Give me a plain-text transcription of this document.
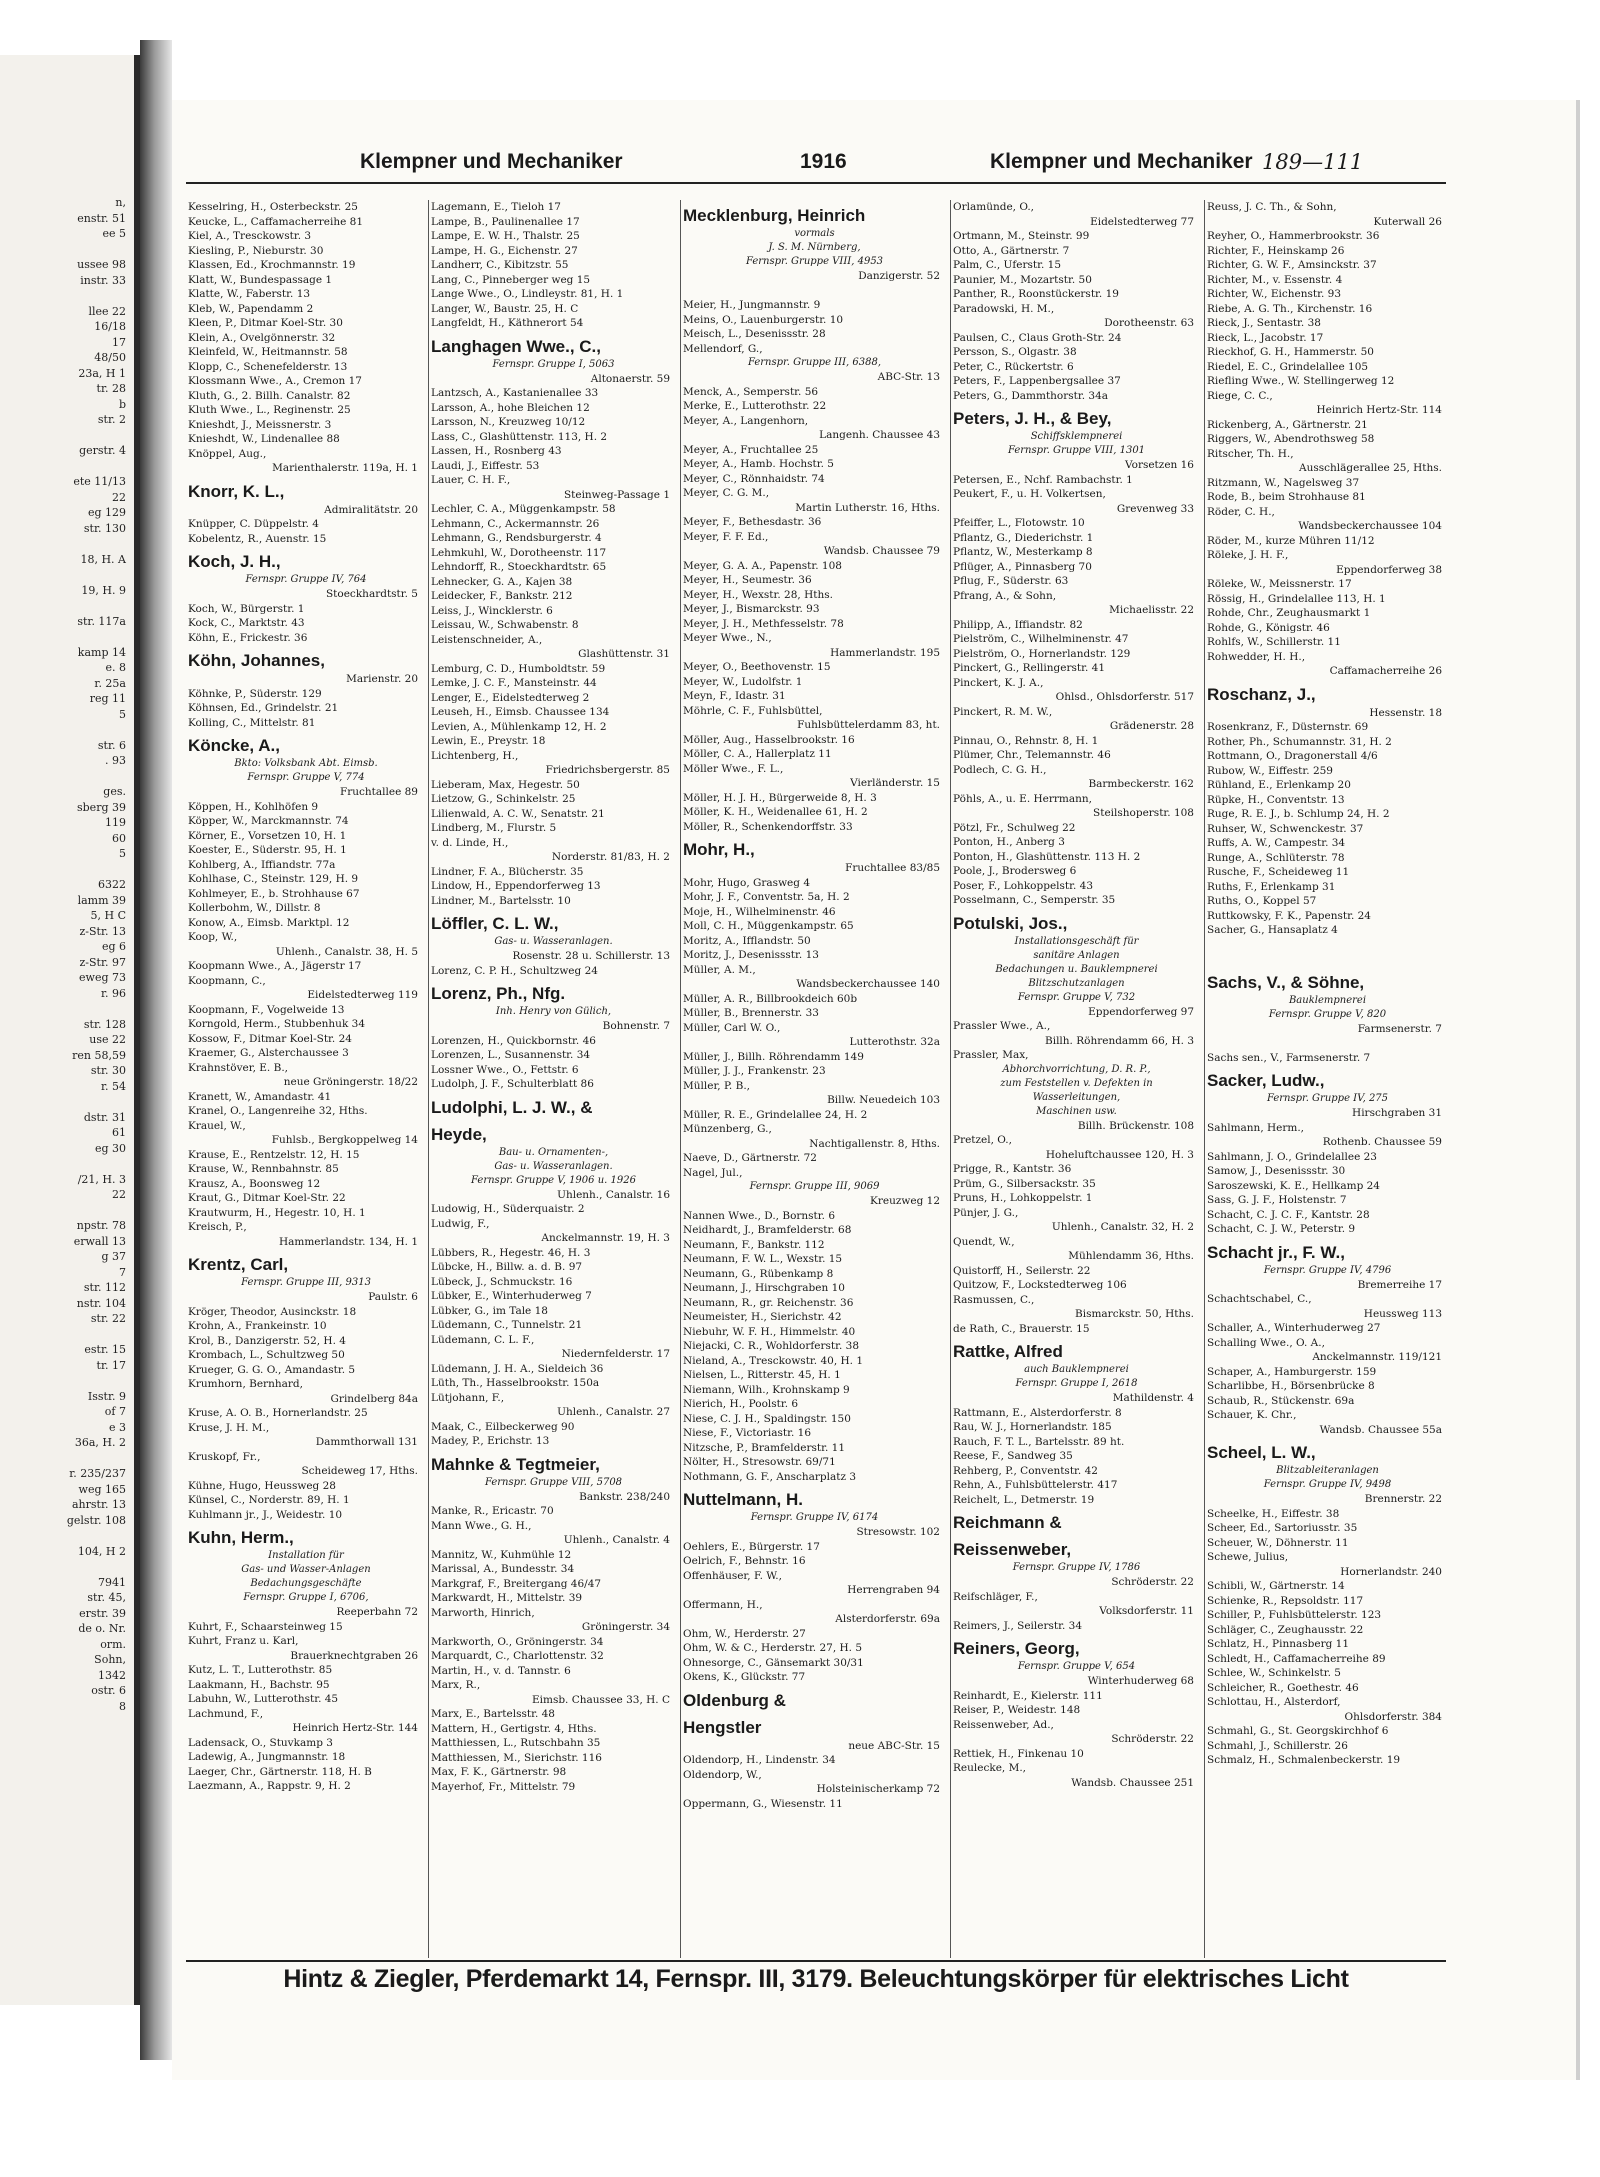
n,
enstr. 51
ee 5

ussee 98
instr. 33

llee 22
16/18
17
48/50
23a, H 1
tr. 28
b
str. 2

gerstr. 4

ete 11/13
22
eg 129
str. 130

18, H. A

19, H. 9

str. 117a

kamp 14
e. 8
r. 25a
reg 11
5

str. 6
. 93

ges.
sberg 39
119
60
5

6322
lamm 39
5, H C
z-Str. 13
eg 6
z-Str. 97
eweg 73
r. 96

str. 128
use 22
ren 58,59
str. 30
r. 54

dstr. 31
61
eg 30

/21, H. 3
22

npstr. 78
erwall 13
g 37
7
str. 112
nstr. 104
str. 22

estr. 15
tr. 17

Isstr. 9
of 7
e 3
36a, H. 2

r. 235/237
weg 165
ahrstr. 13
gelstr. 108

104, H 2

7941
str. 45,
erstr. 39
de o. Nr.
orm.
Sohn,
1342
ostr. 6
8
Klempner und Mechaniker	1916	Klempner und Mechaniker 189—111
Kesselring, H., Osterbeckstr. 25
Keucke, L., Caffamacherreihe 81
Kiel, A., Tresckowstr. 3
Kiesling, P., Nieburstr. 30
Klassen, Ed., Krochmannstr. 19
Klatt, W., Bundespassage 1
Klatte, W., Faberstr. 13
Kleb, W., Papendamm 2
Kleen, P., Ditmar Koel-Str. 30
Klein, A., Ovelgönnerstr. 32
Kleinfeld, W., Heitmannstr. 58
Klopp, C., Schenefelderstr. 13
Klossmann Wwe., A., Cremon 17
Kluth, G., 2. Billh. Canalstr. 82
Kluth Wwe., L., Reginenstr. 25
Knieshdt, J., Meissnerstr. 3
Knieshdt, W., Lindenallee 88
Knöppel, Aug.,
Marienthalerstr. 119a, H. 1
Knorr, K. L.,
Admiralitätstr. 20
Knüpper, C. Düppelstr. 4
Kobelentz, R., Auenstr. 15
Koch, J. H.,
Fernspr. Gruppe IV, 764
Stoeckhardtstr. 5
Koch, W., Bürgerstr. 1
Kock, C., Marktstr. 43
Köhn, E., Frickestr. 36
Köhn, Johannes,
Marienstr. 20
Köhnke, P., Süderstr. 129
Köhnsen, Ed., Grindelstr. 21
Kolling, C., Mittelstr. 81
Köncke, A.,
Bkto: Volksbank Abt. Eimsb.
Fernspr. Gruppe V, 774
Fruchtallee 89
Köppen, H., Kohlhöfen 9
Köpper, W., Marckmannstr. 74
Körner, E., Vorsetzen 10, H. 1
Koester, E., Süderstr. 95, H. 1
Kohlberg, A., Iffiandstr. 77a
Kohlhase, C., Steinstr. 129, H. 9
Kohlmeyer, E., b. Strohhause 67
Kollerbohm, W., Dillstr. 8
Konow, A., Eimsb. Marktpl. 12
Koop, W.,
Uhlenh., Canalstr. 38, H. 5
Koopmann Wwe., A., Jägerstr 17
Koopmann, C.,
Eidelstedterweg 119
Koopmann, F., Vogelweide 13
Korngold, Herm., Stubbenhuk 34
Kossow, F., Ditmar Koel-Str. 24
Kraemer, G., Alsterchaussee 3
Krahnstöver, E. B.,
neue Gröningerstr. 18/22
Kranett, W., Amandastr. 41
Kranel, O., Langenreihe 32, Hths.
Krauel, W.,
Fuhlsb., Bergkoppelweg 14
Krause, E., Rentzelstr. 12, H. 15
Krause, W., Rennbahnstr. 85
Krausz, A., Boonsweg 12
Kraut, G., Ditmar Koel-Str. 22
Krautwurm, H., Hegestr. 10, H. 1
Kreisch, P.,
Hammerlandstr. 134, H. 1
Krentz, Carl,
Fernspr. Gruppe III, 9313
Paulstr. 6
Kröger, Theodor, Ausinckstr. 18
Krohn, A., Frankeinstr. 10
Krol, B., Danzigerstr. 52, H. 4
Krombach, L., Schultzweg 50
Krueger, G. G. O., Amandastr. 5
Krumhorn, Bernhard,
Grindelberg 84a
Kruse, A. O. B., Hornerlandstr. 25
Kruse, J. H. M.,
Dammthorwall 131
Kruskopf, Fr.,
Scheideweg 17, Hths.
Kühne, Hugo, Heussweg 28
Künsel, C., Norderstr. 89, H. 1
Kuhlmann jr., J., Weidestr. 10
Kuhn, Herm.,
Installation für
Gas- und Wasser-Anlagen
Bedachungsgeschäfte
Fernspr. Gruppe I, 6706,
Reeperbahn 72
Kuhrt, F., Schaarsteinweg 15
Kuhrt, Franz u. Karl,
Brauerknechtgraben 26
Kutz, L. T., Lutterothstr. 85
Laakmann, H., Bachstr. 95
Labuhn, W., Lutterothstr. 45
Lachmund, F.,
Heinrich Hertz-Str. 144
Ladensack, O., Stuvkamp 3
Ladewig, A., Jungmannstr. 18
Laeger, Chr., Gärtnerstr. 118, H. B
Laezmann, A., Rappstr. 9, H. 2
Lagemann, E., Tieloh 17
Lampe, B., Paulinenallee 17
Lampe, E. W. H., Thalstr. 25
Lampe, H. G., Eichenstr. 27
Landherr, C., Kibitzstr. 55
Lang, C., Pinneberger weg 15
Lange Wwe., O., Lindleystr. 81, H. 1
Langer, W., Baustr. 25, H. C
Langfeldt, H., Käthnerort 54
Langhagen Wwe., C.,
Fernspr. Gruppe I, 5063
Altonaerstr. 59
Lantzsch, A., Kastanienallee 33
Larsson, A., hohe Bleichen 12
Larsson, N., Kreuzweg 10/12
Lass, C., Glashüttenstr. 113, H. 2
Lassen, H., Rosnberg 43
Laudi, J., Eiffestr. 53
Lauer, C. H. F.,
Steinweg-Passage 1
Lechler, C. A., Müggenkampstr. 58
Lehmann, C., Ackermannstr. 26
Lehmann, G., Rendsburgerstr. 4
Lehmkuhl, W., Dorotheenstr. 117
Lehndorff, R., Stoeckhardtstr. 65
Lehnecker, G. A., Kajen 38
Leidecker, F., Bankstr. 212
Leiss, J., Wincklerstr. 6
Leissau, W., Schwabenstr. 8
Leistenschneider, A.,
Glashüttenstr. 31
Lemburg, C. D., Humboldtstr. 59
Lemke, J. C. F., Mansteinstr. 44
Lenger, E., Eidelstedterweg 2
Leuseh, H., Eimsb. Chaussee 134
Levien, A., Mühlenkamp 12, H. 2
Lewin, E., Preystr. 18
Lichtenberg, H.,
Friedrichsbergerstr. 85
Lieberam, Max, Hegestr. 50
Lietzow, G., Schinkelstr. 25
Lilienwald, A. C. W., Senatstr. 21
Lindberg, M., Flurstr. 5
v. d. Linde, H.,
Norderstr. 81/83, H. 2
Lindner, F. A., Blücherstr. 35
Lindow, H., Eppendorferweg 13
Lindner, M., Bartelsstr. 10
Löffler, C. L. W.,
Gas- u. Wasseranlagen.
Rosenstr. 28 u. Schillerstr. 13
Lorenz, C. P. H., Schultzweg 24
Lorenz, Ph., Nfg.
Inh. Henry von Gülich,
Bohnenstr. 7
Lorenzen, H., Quickbornstr. 46
Lorenzen, L., Susannenstr. 34
Lossner Wwe., O., Fettstr. 6
Ludolph, J. F., Schulterblatt 86
Ludolphi, L. J. W., &
Heyde,
Bau- u. Ornamenten-,
Gas- u. Wasseranlagen.
Fernspr. Gruppe V, 1906 u. 1926
Uhlenh., Canalstr. 16
Ludowig, H., Süderquaistr. 2
Ludwig, F.,
Anckelmannstr. 19, H. 3
Lübbers, R., Hegestr. 46, H. 3
Lübcke, H., Billw. a. d. B. 97
Lübeck, J., Schmuckstr. 16
Lübker, E., Winterhuderweg 7
Lübker, G., im Tale 18
Lüdemann, C., Tunnelstr. 21
Lüdemann, C. L. F.,
Niedernfelderstr. 17
Lüdemann, J. H. A., Sieldeich 36
Lüth, Th., Hasselbrookstr. 150a
Lütjohann, F.,
Uhlenh., Canalstr. 27
Maak, C., Eilbeckerweg 90
Madey, P., Erichstr. 13
Mahnke & Tegtmeier,
Fernspr. Gruppe VIII, 5708
Bankstr. 238/240
Manke, R., Ericastr. 70
Mann Wwe., G. H.,
Uhlenh., Canalstr. 4
Mannitz, W., Kuhmühle 12
Marissal, A., Bundesstr. 34
Markgraf, F., Breitergang 46/47
Markwardt, H., Mittelstr. 39
Marworth, Hinrich,
Gröningerstr. 34
Markworth, O., Gröningerstr. 34
Marquardt, C., Charlottenstr. 32
Martin, H., v. d. Tannstr. 6
Marx, R.,
Eimsb. Chaussee 33, H. C
Marx, E., Bartelsstr. 48
Mattern, H., Gertigstr. 4, Hths.
Matthiessen, L., Rutschbahn 35
Matthiessen, M., Sierichstr. 116
Max, F. K., Gärtnerstr. 98
Mayerhof, Fr., Mittelstr. 79
Mecklenburg, Heinrich
vormals
J. S. M. Nürnberg,
Fernspr. Gruppe VIII, 4953
Danzigerstr. 52

Meier, H., Jungmannstr. 9
Meins, O., Lauenburgerstr. 10
Meisch, L., Desenissstr. 28
Mellendorf, G.,
Fernspr. Gruppe III, 6388,
ABC-Str. 13
Menck, A., Semperstr. 56
Merke, E., Lutterothstr. 22
Meyer, A., Langenhorn,
Langenh. Chaussee 43
Meyer, A., Fruchtallee 25
Meyer, A., Hamb. Hochstr. 5
Meyer, C., Rönnhaidstr. 74
Meyer, C. G. M.,
Martin Lutherstr. 16, Hths.
Meyer, F., Bethesdastr. 36
Meyer, F. F. Ed.,
Wandsb. Chaussee 79
Meyer, G. A. A., Papenstr. 108
Meyer, H., Seumestr. 36
Meyer, H., Wexstr. 28, Hths.
Meyer, J., Bismarckstr. 93
Meyer, J. H., Methfesselstr. 78
Meyer Wwe., N.,
Hammerlandstr. 195
Meyer, O., Beethovenstr. 15
Meyer, W., Ludolfstr. 1
Meyn, F., Idastr. 31
Möhrle, C. F., Fuhlsbüttel,
Fuhlsbüttelerdamm 83, ht.
Möller, Aug., Hasselbrookstr. 16
Möller, C. A., Hallerplatz 11
Möller Wwe., F. L.,
Vierländerstr. 15
Möller, H. J. H., Bürgerweide 8, H. 3
Möller, K. H., Weidenallee 61, H. 2
Möller, R., Schenkendorffstr. 33
Mohr, H.,
Fruchtallee 83/85
Mohr, Hugo, Grasweg 4
Mohr, J. F., Conventstr. 5a, H. 2
Moje, H., Wilhelminenstr. 46
Moll, C. H., Müggenkampstr. 65
Moritz, A., Ifflandstr. 50
Moritz, J., Desenissstr. 13
Müller, A. M.,
Wandsbeckerchaussee 140
Müller, A. R., Billbrookdeich 60b
Müller, B., Brennerstr. 33
Müller, Carl W. O.,
Lutterothstr. 32a
Müller, J., Billh. Röhrendamm 149
Müller, J. J., Frankenstr. 23
Müller, P. B.,
Billw. Neuedeich 103
Müller, R. E., Grindelallee 24, H. 2
Münzenberg, G.,
Nachtigallenstr. 8, Hths.
Naeve, D., Gärtnerstr. 72
Nagel, Jul.,
Fernspr. Gruppe III, 9069
Kreuzweg 12
Nannen Wwe., D., Bornstr. 6
Neidhardt, J., Bramfelderstr. 68
Neumann, F., Bankstr. 112
Neumann, F. W. L., Wexstr. 15
Neumann, G., Rübenkamp 8
Neumann, J., Hirschgraben 10
Neumann, R., gr. Reichenstr. 36
Neumeister, H., Sierichstr. 42
Niebuhr, W. F. H., Himmelstr. 40
Niejacki, C. R., Wohldorferstr. 38
Nieland, A., Tresckowstr. 40, H. 1
Nielsen, L., Ritterstr. 45, H. 1
Niemann, Wilh., Krohnskamp 9
Nierich, H., Poolstr. 6
Niese, C. J. H., Spaldingstr. 150
Niese, F., Victoriastr. 16
Nitzsche, P., Bramfelderstr. 11
Nölter, H., Stresowstr. 69/71
Nothmann, G. F., Anscharplatz 3
Nuttelmann, H.
Fernspr. Gruppe IV, 6174
Stresowstr. 102
Oehlers, E., Bürgerstr. 17
Oelrich, F., Behnstr. 16
Offenhäuser, F. W.,
Herrengraben 94
Offermann, H.,
Alsterdorferstr. 69a
Ohm, W., Herderstr. 27
Ohm, W. & C., Herderstr. 27, H. 5
Ohnesorge, C., Gänsemarkt 30/31
Okens, K., Glückstr. 77
Oldenburg &
Hengstler
neue ABC-Str. 15
Oldendorp, H., Lindenstr. 34
Oldendorp, W.,
Holsteinischerkamp 72
Oppermann, G., Wiesenstr. 11
Orlamünde, O.,
Eidelstedterweg 77
Ortmann, M., Steinstr. 99
Otto, A., Gärtnerstr. 7
Palm, C., Uferstr. 15
Paunier, M., Mozartstr. 50
Panther, R., Roonstückerstr. 19
Paradowski, H. M.,
Dorotheenstr. 63
Paulsen, C., Claus Groth-Str. 24
Persson, S., Olgastr. 38
Peter, C., Rückertstr. 6
Peters, F., Lappenbergsallee 37
Peters, G., Dammthorstr. 34a
Peters, J. H., & Bey,
Schiffsklempnerei
Fernspr. Gruppe VIII, 1301
Vorsetzen 16
Petersen, E., Nchf. Rambachstr. 1
Peukert, F., u. H. Volkertsen,
Grevenweg 33
Pfeiffer, L., Flotowstr. 10
Pflantz, G., Diederichstr. 1
Pflantz, W., Mesterkamp 8
Pflüger, A., Pinnasberg 70
Pflug, F., Süderstr. 63
Pfrang, A., & Sohn,
Michaelisstr. 22
Philipp, A., Iffiandstr. 82
Pielström, C., Wilhelminenstr. 47
Pielström, O., Hornerlandstr. 129
Pinckert, G., Rellingerstr. 41
Pinckert, K. J. A.,
Ohlsd., Ohlsdorferstr. 517
Pinckert, R. M. W.,
Grädenerstr. 28
Pinnau, O., Rehnstr. 8, H. 1
Plümer, Chr., Telemannstr. 46
Podlech, C. G. H.,
Barmbeckerstr. 162
Pöhls, A., u. E. Herrmann,
Steilshoperstr. 108
Pötzl, Fr., Schulweg 22
Ponton, H., Anberg 3
Ponton, H., Glashüttenstr. 113 H. 2
Poole, J., Brodersweg 6
Poser, F., Lohkoppelstr. 43
Posselmann, C., Semperstr. 35
Potulski, Jos.,
Installationsgeschäft für
sanitäre Anlagen
Bedachungen u. Bauklempnerei
Blitzschutzanlagen
Fernspr. Gruppe V, 732
Eppendorferweg 97
Prassler Wwe., A.,
Billh. Röhrendamm 66, H. 3
Prassler, Max,
Abhorchvorrichtung, D. R. P.,
zum Feststellen v. Defekten in
Wasserleitungen,
Maschinen usw.
Billh. Brückenstr. 108
Pretzel, O.,
Hoheluftchaussee 120, H. 3
Prigge, R., Kantstr. 36
Prüm, G., Silbersackstr. 35
Pruns, H., Lohkoppelstr. 1
Pünjer, J. G.,
Uhlenh., Canalstr. 32, H. 2
Quendt, W.,
Mühlendamm 36, Hths.
Quistorff, H., Seilerstr. 22
Quitzow, F., Lockstedterweg 106
Rasmussen, C.,
Bismarckstr. 50, Hths.
de Rath, C., Brauerstr. 15
Rattke, Alfred
auch Bauklempnerei
Fernspr. Gruppe I, 2618
Mathildenstr. 4
Rattmann, E., Alsterdorferstr. 8
Rau, W. J., Hornerlandstr. 185
Rauch, F. T. L., Bartelsstr. 89 ht.
Reese, F., Sandweg 35
Rehberg, P., Conventstr. 42
Rehn, A., Fuhlsbüttelerstr. 417
Reichelt, L., Detmerstr. 19
Reichmann &
Reissenweber,
Fernspr. Gruppe IV, 1786
Schröderstr. 22
Reifschläger, F.,
Volksdorferstr. 11
Reimers, J., Seilerstr. 34
Reiners, Georg,
Fernspr. Gruppe V, 654
Winterhuderweg 68
Reinhardt, E., Kielerstr. 111
Reiser, P., Weidestr. 148
Reissenweber, Ad.,
Schröderstr. 22
Rettiek, H., Finkenau 10
Reulecke, M.,
Wandsb. Chaussee 251
Reuss, J. C. Th., & Sohn,
Kuterwall 26
Reyher, O., Hammerbrookstr. 36
Richter, F., Heinskamp 26
Richter, G. W. F., Amsinckstr. 37
Richter, M., v. Essenstr. 4
Richter, W., Eichenstr. 93
Riebe, A. G. Th., Kirchenstr. 16
Rieck, J., Sentastr. 38
Rieck, L., Jacobstr. 17
Rieckhof, G. H., Hammerstr. 50
Riedel, E. C., Grindelallee 105
Riefling Wwe., W. Stellingerweg 12
Riege, C. C.,
Heinrich Hertz-Str. 114
Rickenberg, A., Gärtnerstr. 21
Riggers, W., Abendrothsweg 58
Ritscher, Th. H.,
Ausschlägerallee 25, Hths.
Ritzmann, W., Nagelsweg 37
Rode, B., beim Strohhause 81
Röder, C. H.,
Wandsbeckerchaussee 104
Röder, M., kurze Mühren 11/12
Röleke, J. H. F.,
Eppendorferweg 38
Röleke, W., Meissnerstr. 17
Rössig, H., Grindelallee 113, H. 1
Rohde, Chr., Zeughausmarkt 1
Rohde, G., Königstr. 46
Rohlfs, W., Schillerstr. 11
Rohwedder, H. H.,
Caffamacherreihe 26
Roschanz, J.,
Hessenstr. 18
Rosenkranz, F., Düsternstr. 69
Rother, Ph., Schumannstr. 31, H. 2
Rottmann, O., Dragonerstall 4/6
Rubow, W., Eiffestr. 259
Rühland, E., Erlenkamp 20
Rüpke, H., Conventstr. 13
Ruge, R. E. J., b. Schlump 24, H. 2
Ruhser, W., Schwenckestr. 37
Ruffs, A. W., Campestr. 34
Runge, A., Schlüterstr. 78
Rusche, F., Scheideweg 11
Ruths, F., Erlenkamp 31
Ruths, O., Koppel 57
Ruttkowsky, F. K., Papenstr. 24
Sacher, G., Hansaplatz 4

Sachs, V., & Söhne,
Bauklempnerei
Fernspr. Gruppe V, 820
Farmsenerstr. 7

Sachs sen., V., Farmsenerstr. 7
Sacker, Ludw.,
Fernspr. Gruppe IV, 275
Hirschgraben 31
Sahlmann, Herm.,
Rothenb. Chaussee 59
Sahlmann, J. O., Grindelallee 23
Samow, J., Desenissstr. 30
Saroszewski, K. E., Hellkamp 24
Sass, G. J. F., Holstenstr. 7
Schacht, C. J. C. F., Kantstr. 28
Schacht, C. J. W., Peterstr. 9
Schacht jr., F. W.,
Fernspr. Gruppe IV, 4796
Bremerreihe 17
Schachtschabel, C.,
Heussweg 113
Schaller, A., Winterhuderweg 27
Schalling Wwe., O. A.,
Anckelmannstr. 119/121
Schaper, A., Hamburgerstr. 159
Scharlibbe, H., Börsenbrücke 8
Schaub, R., Stückenstr. 69a
Schauer, K. Chr.,
Wandsb. Chaussee 55a
Scheel, L. W.,
Blitzableiteranlagen
Fernspr. Gruppe IV, 9498
Brennerstr. 22
Scheelke, H., Eiffestr. 38
Scheer, Ed., Sartoriusstr. 35
Scheuer, W., Döhnerstr. 11
Schewe, Julius,
Hornerlandstr. 240
Schibli, W., Gärtnerstr. 14
Schienke, R., Repsoldstr. 117
Schiller, P., Fuhlsbüttelerstr. 123
Schläger, C., Zeughausstr. 22
Schlatz, H., Pinnasberg 11
Schledt, H., Caffamacherreihe 89
Schlee, W., Schinkelstr. 5
Schleicher, R., Goethestr. 46
Schlottau, H., Alsterdorf,
Ohlsdorferstr. 384
Schmahl, G., St. Georgskirchhof 6
Schmahl, J., Schillerstr. 26
Schmalz, H., Schmalenbeckerstr. 19
Hintz & Ziegler, Pferdemarkt 14, Fernspr. III, 3179. Beleuchtungskörper für elektrisches Licht
